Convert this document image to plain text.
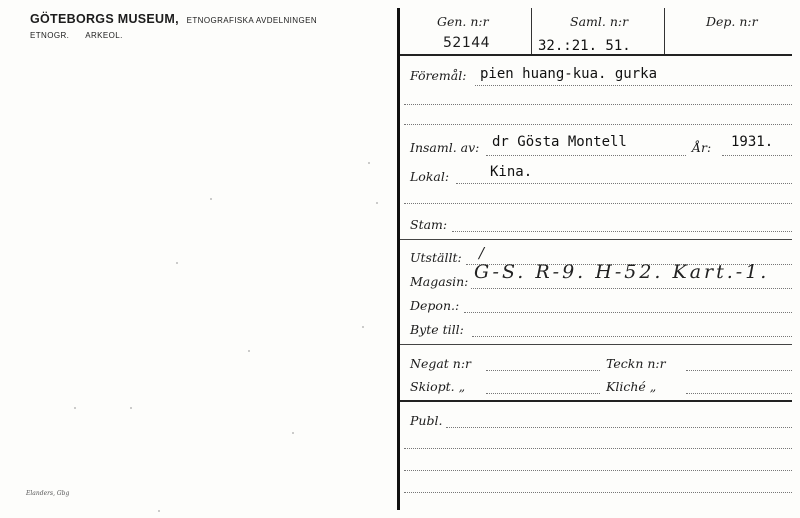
GÖTEBORGS MUSEUM, ETNOGRAFISKA AVDELNINGEN
ETNOGR. ARKEOL.
Elanders, Gbg
Gen. n:r
52144
Saml. n:r
32.:21. 51.
Dep. n:r
Föremål: pien huang-kua. gurka
Insaml. av: dr Gösta Montell	År: 1931.
Lokal:	Kina.
Stam:
Utställt: /
Magasin: G-S. R-9. H-52. Kart.-1.
Depon.:
Byte till:
Negat n:r	Teckn n:r
Skiopt. „	Kliché „
Publ.
